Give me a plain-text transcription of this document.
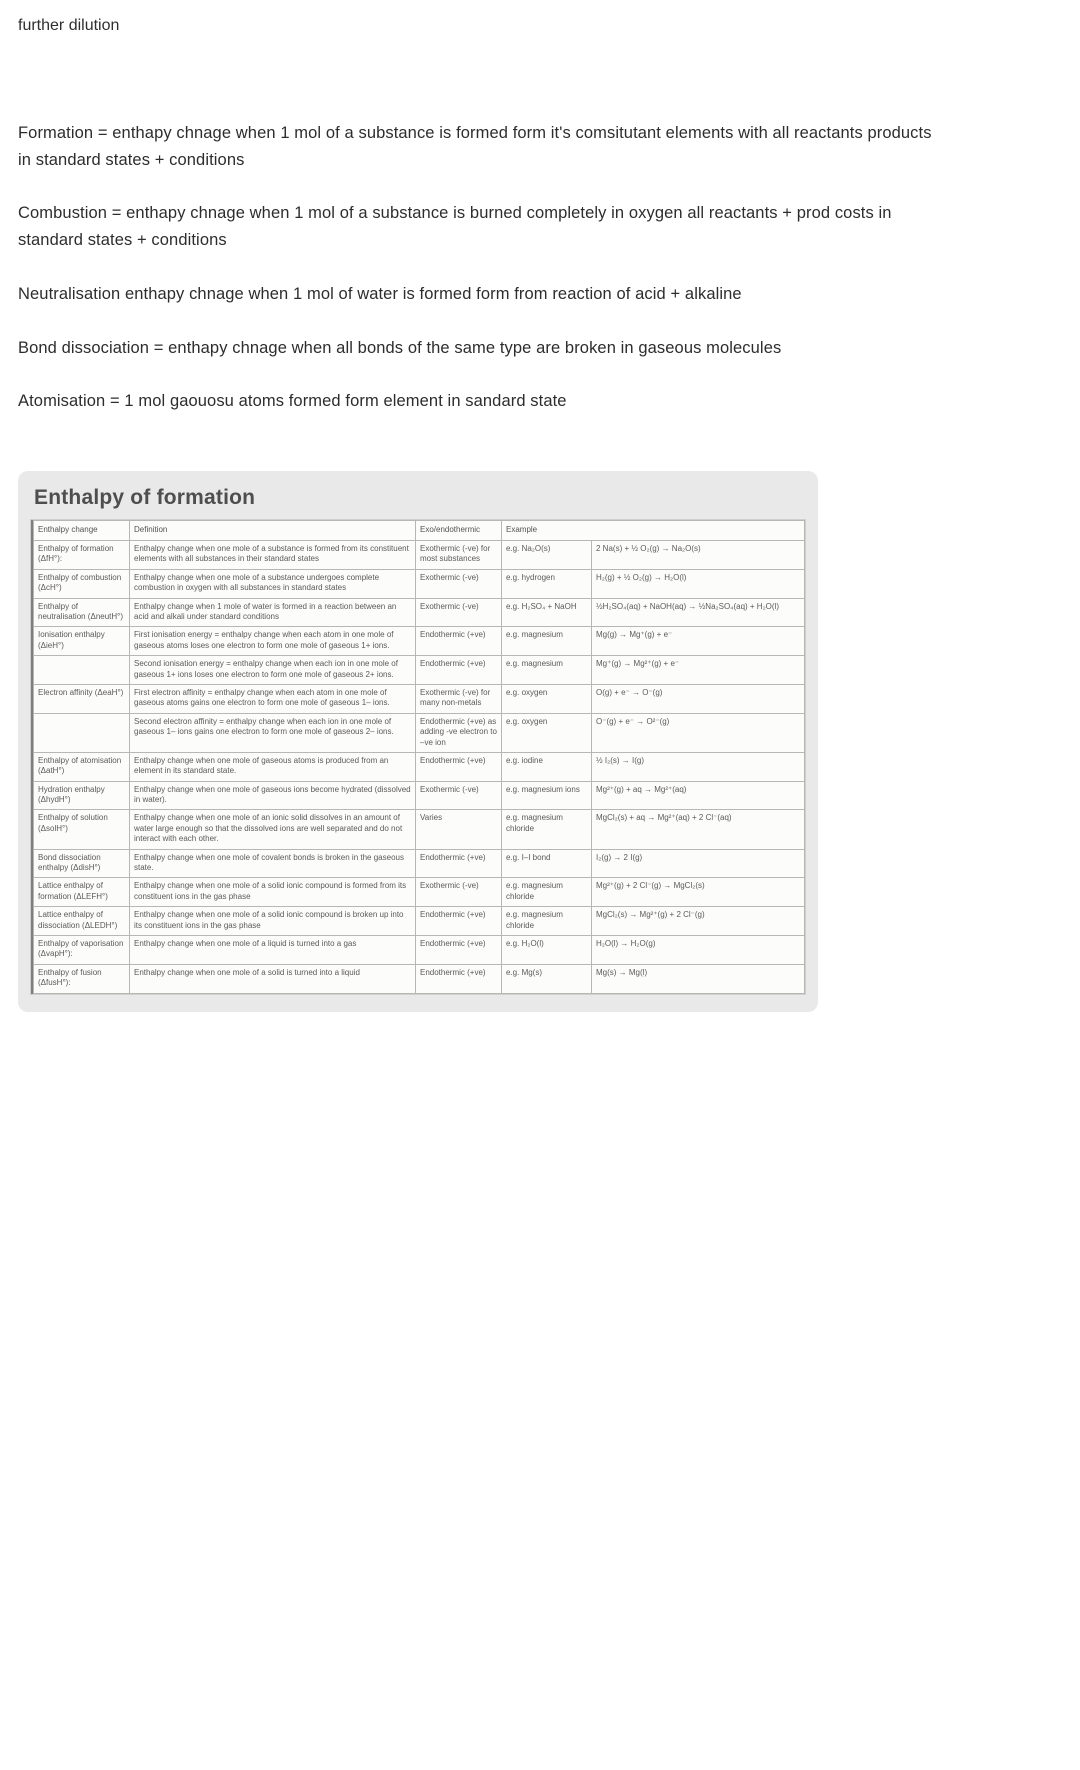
further dilution

Formation = enthapy chnage when 1 mol of a substance is formed form it's comsitutant elements with all reactants products in standard states + conditions

Combustion = enthapy chnage when 1 mol of a substance is burned completely in oxygen all reactants + prod costs in standard states + conditions

Neutralisation enthapy chnage when 1 mol of water is formed form from reaction of acid + alkaline

Bond dissociation = enthapy chnage when all bonds of the same type are broken in gaseous molecules

Atomisation = 1 mol gaouosu atoms formed form element in sandard state

Enthalpy of formation
Enthalpy change	Definition	Exo/endothermic	Example	
Enthalpy of formation (ΔfH°):	Enthalpy change when one mole of a substance is formed from its constituent elements with all substances in their standard states	Exothermic (-ve) for most substances	e.g. Na₂O(s)	2 Na(s) + ½ O₂(g) → Na₂O(s)
Enthalpy of combustion (ΔcH°)	Enthalpy change when one mole of a substance undergoes complete combustion in oxygen with all substances in standard states	Exothermic (-ve)	e.g. hydrogen	H₂(g) + ½ O₂(g) → H₂O(l)
Enthalpy of neutralisation (ΔneutH°)	Enthalpy change when 1 mole of water is formed in a reaction between an acid and alkali under standard conditions	Exothermic (-ve)	e.g. H₂SO₄ + NaOH	½H₂SO₄(aq) + NaOH(aq) → ½Na₂SO₄(aq) + H₂O(l)
Ionisation enthalpy (ΔieH°)	First ionisation energy = enthalpy change when each atom in one mole of gaseous atoms loses one electron to form one mole of gaseous 1+ ions.	Endothermic (+ve)	e.g. magnesium	Mg(g) → Mg⁺(g) + e⁻
	Second ionisation energy = enthalpy change when each ion in one mole of gaseous 1+ ions loses one electron to form one mole of gaseous 2+ ions.	Endothermic (+ve)	e.g. magnesium	Mg⁺(g) → Mg²⁺(g) + e⁻
Electron affinity (ΔeaH°)	First electron affinity = enthalpy change when each atom in one mole of gaseous atoms gains one electron to form one mole of gaseous 1– ions.	Exothermic (-ve) for many non-metals	e.g. oxygen	O(g) + e⁻ → O⁻(g)
	Second electron affinity = enthalpy change when each ion in one mole of gaseous 1– ions gains one electron to form one mole of gaseous 2– ions.	Endothermic (+ve) as adding -ve electron to –ve ion	e.g. oxygen	O⁻(g) + e⁻ → O²⁻(g)
Enthalpy of atomisation (ΔatH°)	Enthalpy change when one mole of gaseous atoms is produced from an element in its standard state.	Endothermic (+ve)	e.g. iodine	½ I₂(s) → I(g)
Hydration enthalpy (ΔhydH°)	Enthalpy change when one mole of gaseous ions become hydrated (dissolved in water).	Exothermic (-ve)	e.g. magnesium ions	Mg²⁺(g) + aq → Mg²⁺(aq)
Enthalpy of solution (ΔsolH°)	Enthalpy change when one mole of an ionic solid dissolves in an amount of water large enough so that the dissolved ions are well separated and do not interact with each other.	Varies	e.g. magnesium chloride	MgCl₂(s) + aq → Mg²⁺(aq) + 2 Cl⁻(aq)
Bond dissociation enthalpy (ΔdisH°)	Enthalpy change when one mole of covalent bonds is broken in the gaseous state.	Endothermic (+ve)	e.g. I–I bond	I₂(g) → 2 I(g)
Lattice enthalpy of formation (ΔLEFH°)	Enthalpy change when one mole of a solid ionic compound is formed from its constituent ions in the gas phase	Exothermic (-ve)	e.g. magnesium chloride	Mg²⁺(g) + 2 Cl⁻(g) → MgCl₂(s)
Lattice enthalpy of dissociation (ΔLEDH°)	Enthalpy change when one mole of a solid ionic compound is broken up into its constituent ions in the gas phase	Endothermic (+ve)	e.g. magnesium chloride	MgCl₂(s) → Mg²⁺(g) + 2 Cl⁻(g)
Enthalpy of vaporisation (ΔvapH°):	Enthalpy change when one mole of a liquid is turned into a gas	Endothermic (+ve)	e.g. H₂O(l)	H₂O(l) → H₂O(g)
Enthalpy of fusion (ΔfusH°):	Enthalpy change when one mole of a solid is turned into a liquid	Endothermic (+ve)	e.g. Mg(s)	Mg(s) → Mg(l)
